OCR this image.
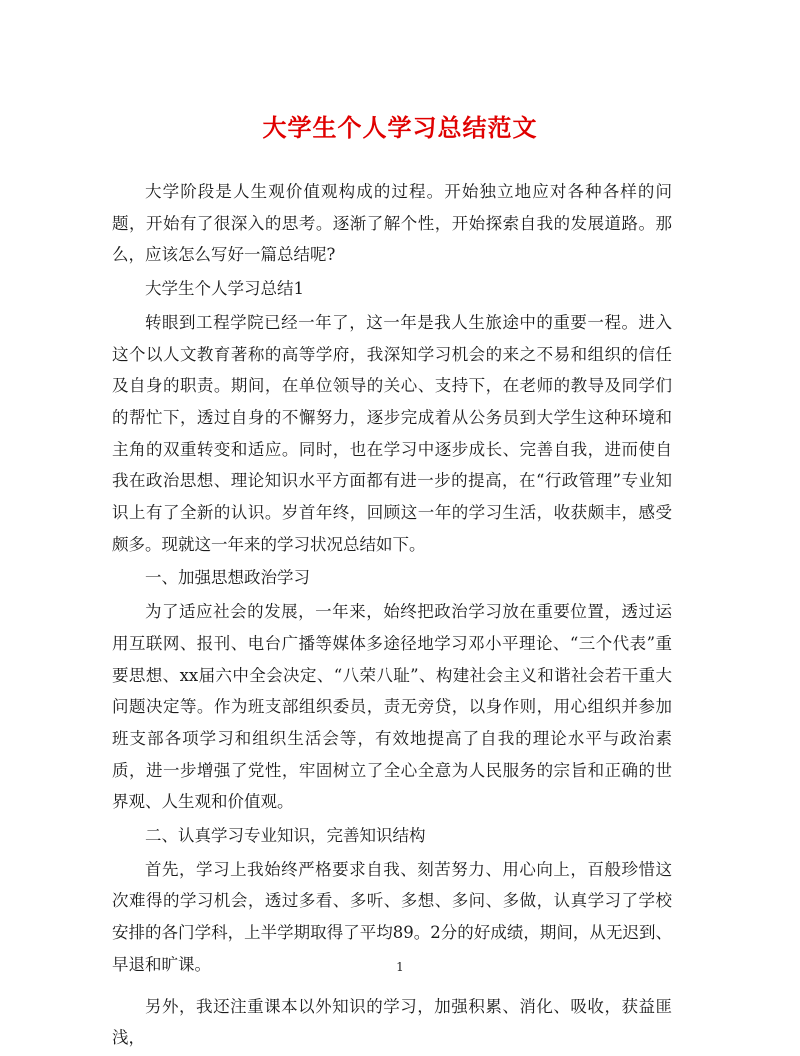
大学生个人学习总结范文

大学阶段是人生观价值观构成的过程。开始独立地应对各种各样的问题，开始有了很深入的思考。逐渐了解个性，开始探索自我的发展道路。那么，应该怎么写好一篇总结呢?

大学生个人学习总结1

转眼到工程学院已经一年了，这一年是我人生旅途中的重要一程。进入这个以人文教育著称的高等学府，我深知学习机会的来之不易和组织的信任及自身的职责。期间，在单位领导的关心、支持下，在老师的教导及同学们的帮忙下，透过自身的不懈努力，逐步完成着从公务员到大学生这种环境和主角的双重转变和适应。同时，也在学习中逐步成长、完善自我，进而使自我在政治思想、理论知识水平方面都有进一步的提高，在“行政管理”专业知识上有了全新的认识。岁首年终，回顾这一年的学习生活，收获颇丰，感受颇多。现就这一年来的学习状况总结如下。

一、加强思想政治学习

为了适应社会的发展，一年来，始终把政治学习放在重要位置，透过运用互联网、报刊、电台广播等媒体多途径地学习邓小平理论、“三个代表”重要思想、xx届六中全会决定、“八荣八耻”、构建社会主义和谐社会若干重大问题决定等。作为班支部组织委员，责无旁贷，以身作则，用心组织并参加班支部各项学习和组织生活会等，有效地提高了自我的理论水平与政治素质，进一步增强了党性，牢固树立了全心全意为人民服务的宗旨和正确的世界观、人生观和价值观。

二、认真学习专业知识，完善知识结构

首先，学习上我始终严格要求自我、刻苦努力、用心向上，百般珍惜这次难得的学习机会，透过多看、多听、多想、多问、多做，认真学习了学校安排的各门学科，上半学期取得了平均89。2分的好成绩，期间，从无迟到、早退和旷课。

另外，我还注重课本以外知识的学习，加强积累、消化、吸收，获益匪浅，

1
